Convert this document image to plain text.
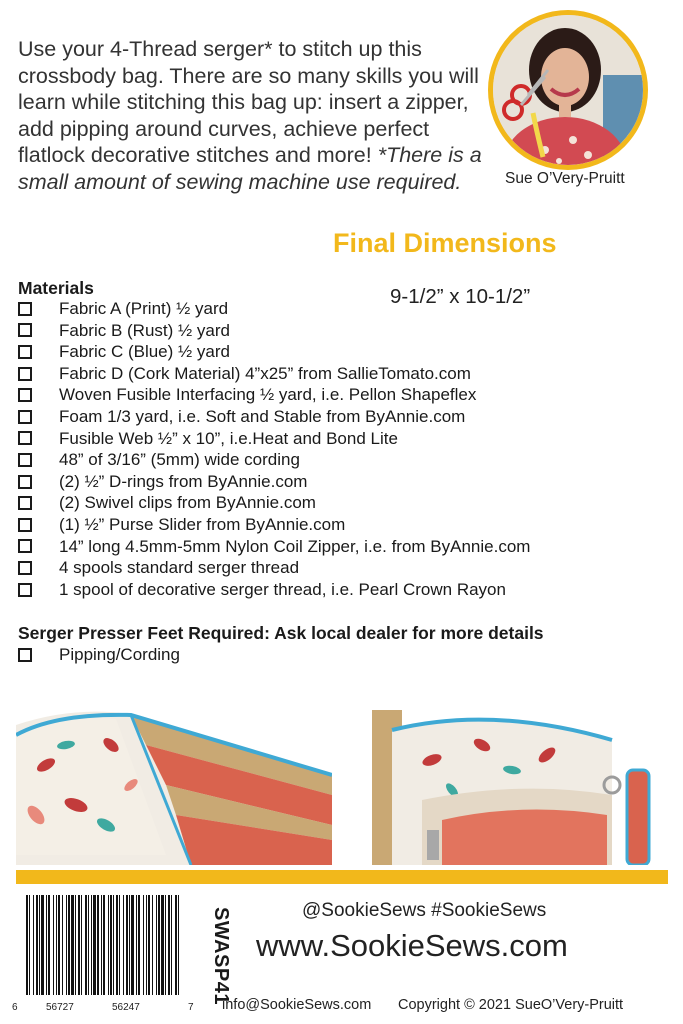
Use your 4-Thread serger* to stitch up this crossbody bag. There are so many skills you will learn while stitching this bag up: insert a zipper, add pipping around curves, achieve perfect flatlock decorative stitches and more! *There is a small amount of sewing machine use required.	Sue O’Very-Pruitt
Final Dimensions
9-1/2” x 10-1/2”
Materials
Fabric A (Print) ½ yard
Fabric B (Rust) ½ yard
Fabric C (Blue) ½ yard
Fabric D (Cork Material) 4”x25” from SallieTomato.com
Woven Fusible Interfacing ½ yard, i.e. Pellon Shapeflex
Foam 1/3 yard, i.e. Soft and Stable from ByAnnie.com
Fusible Web ½” x 10”, i.e.Heat and Bond Lite
48” of 3/16” (5mm) wide cording
(2) ½” D-rings from ByAnnie.com
(2) Swivel clips from ByAnnie.com
(1) ½” Purse Slider from ByAnnie.com
14” long 4.5mm-5mm Nylon Coil Zipper, i.e. from ByAnnie.com
4 spools standard serger thread
1 spool of decorative serger thread, i.e. Pearl Crown Rayon
Serger Presser Feet Required: Ask local dealer for more details
Pipping/Cording
6	56727	56247	7
SWASP41	@SookieSews #SookieSews
www.SookieSews.com
info@SookieSews.com Copyright © 2021 SueO’Very-Pruitt
